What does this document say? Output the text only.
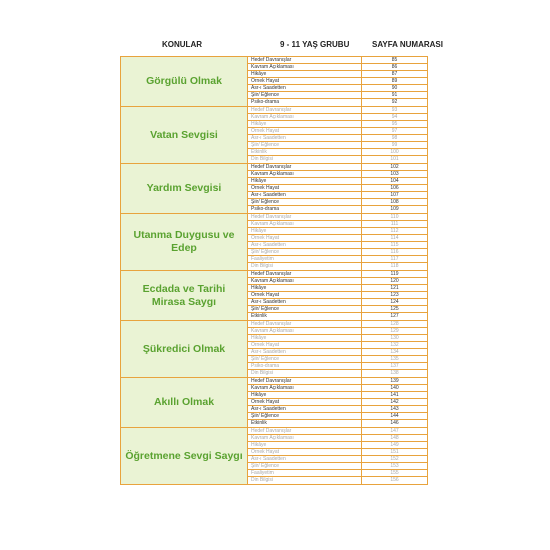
KONULAR	9 - 11 YAŞ GRUBU	SAYFA NUMARASI
Görgülü Olmak
Hedef Davranışlar	85
Kavram Açıklaması	86
Hikâye	87
Örnek Hayat	89
Asr-ı Saadetten	90
Şiir/ Eğlence	91
Psiko-drama	92
Vatan Sevgisi
Hedef Davranışlar	93
Kavram Açıklaması	94
Hikâye	95
Örnek Hayat	97
Asr-ı Saadetten	98
Şiir/ Eğlence	99
Etkinlik	100
Din Bilgisi	101
Yardım Sevgisi
Hedef Davranışlar	102
Kavram Açıklaması	103
Hikâye	104
Örnek Hayat	106
Asr-ı Saadetten	107
Şiir/ Eğlence	108
Psiko-drama	109
Utanma Duygusu ve Edep
Hedef Davranışlar	110
Kavram Açıklaması	111
Hikâye	112
Örnek Hayat	114
Asr-ı Saadetten	115
Şiir/ Eğlence	116
Faaliyetim	117
Din Bilgisi	118
Ecdada ve Tarihi Mirasa Saygı
Hedef Davranışlar	119
Kavram Açıklaması	120
Hikâye	121
Örnek Hayat	123
Asr-ı Saadetten	124
Şiir/ Eğlence	125
Etkinlik	127
Şükredici Olmak
Hedef Davranışlar	128
Kavram Açıklaması	129
Hikâye	130
Örnek Hayat	132
Asr-ı Saadetten	134
Şiir/ Eğlence	135
Psiko-drama	137
Din Bilgisi	138
Akıllı Olmak
Hedef Davranışlar	139
Kavram Açıklaması	140
Hikâye	141
Örnek Hayat	142
Asr-ı Saadetten	143
Şiir/ Eğlence	144
Etkinlik	146
Öğretmene Sevgi Saygı
Hedef Davranışlar	147
Kavram Açıklaması	148
Hikâye	149
Örnek Hayat	151
Asr-ı Saadetten	152
Şiir/ Eğlence	153
Faaliyetim	155
Din Bilgisi	156
